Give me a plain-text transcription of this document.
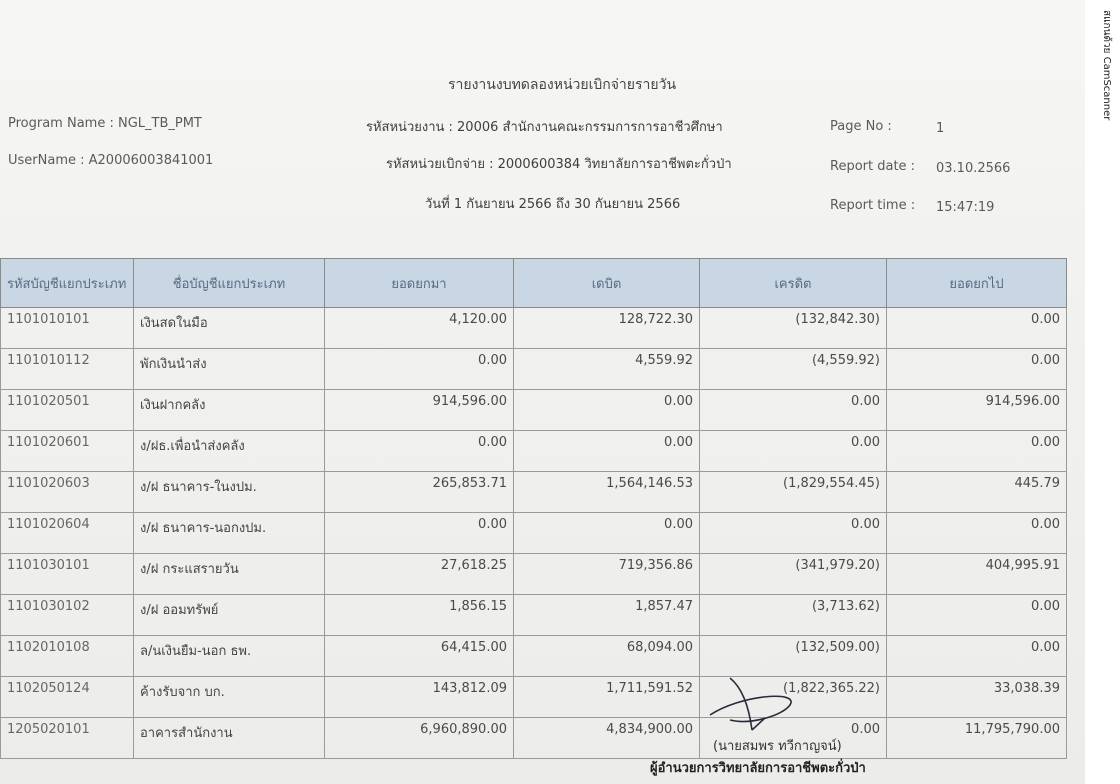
สแกนด้วย CamScanner
รายงานงบทดลองหน่วยเบิกจ่ายรายวัน
Program Name : NGL_TB_PMT
UserName : A20006003841001
รหัสหน่วยงาน : 20006 สำนักงานคณะกรรมการการอาชีวศึกษา
รหัสหน่วยเบิกจ่าย : 2000600384 วิทยาลัยการอาชีพตะกั่วป่า
วันที่ 1 กันยายน 2566 ถึง 30 กันยายน 2566
Page No :	1
Report date : 03.10.2566
Report time : 15:47:19
รหัสบัญชีแยกประเภท	ชื่อบัญชีแยกประเภท	ยอดยกมา	เดบิต	เครดิต	ยอดยกไป
1101010101	เงินสดในมือ	4,120.00	128,722.30	(132,842.30)	0.00
1101010112	พักเงินนำส่ง	0.00	4,559.92	(4,559.92)	0.00
1101020501	เงินฝากคลัง	914,596.00	0.00	0.00	914,596.00
1101020601	ง/ฝธ.เพื่อนำส่งคลัง	0.00	0.00	0.00	0.00
1101020603	ง/ฝ ธนาคาร-ในงปม.	265,853.71	1,564,146.53	(1,829,554.45)	445.79
1101020604	ง/ฝ ธนาคาร-นอกงปม.	0.00	0.00	0.00	0.00
1101030101	ง/ฝ กระแสรายวัน	27,618.25	719,356.86	(341,979.20)	404,995.91
1101030102	ง/ฝ ออมทรัพย์	1,856.15	1,857.47	(3,713.62)	0.00
1102010108	ล/นเงินยืม-นอก ธพ.	64,415.00	68,094.00	(132,509.00)	0.00
1102050124	ค้างรับจาก บก.	143,812.09	1,711,591.52	(1,822,365.22)	33,038.39
1205020101	อาคารสำนักงาน	6,960,890.00	4,834,900.00	0.00	11,795,790.00
(นายสมพร ทวีกาญจน์)
ผู้อำนวยการวิทยาลัยการอาชีพตะกั่วป่า
